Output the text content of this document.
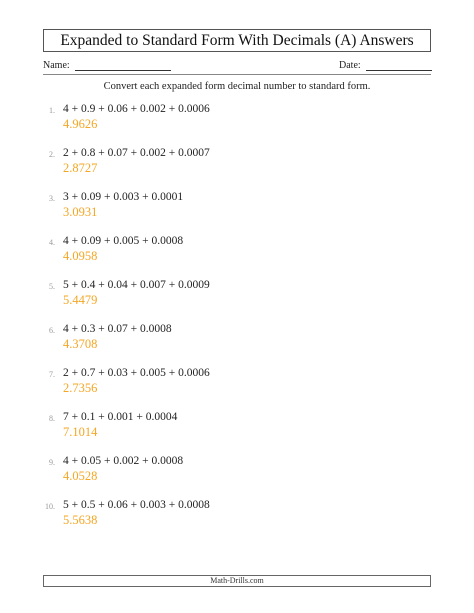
Expanded to Standard Form With Decimals (A) Answers
Name:	Date:
Convert each expanded form decimal number to standard form.
1. 4 + 0.9 + 0.06 + 0.002 + 0.0006
4.9626
2. 2 + 0.8 + 0.07 + 0.002 + 0.0007
2.8727
3. 3 + 0.09 + 0.003 + 0.0001
3.0931
4. 4 + 0.09 + 0.005 + 0.0008
4.0958
5. 5 + 0.4 + 0.04 + 0.007 + 0.0009
5.4479
6. 4 + 0.3 + 0.07 + 0.0008
4.3708
7. 2 + 0.7 + 0.03 + 0.005 + 0.0006
2.7356
8. 7 + 0.1 + 0.001 + 0.0004
7.1014
9. 4 + 0.05 + 0.002 + 0.0008
4.0528
10. 5 + 0.5 + 0.06 + 0.003 + 0.0008
5.5638
Math-Drills.com
